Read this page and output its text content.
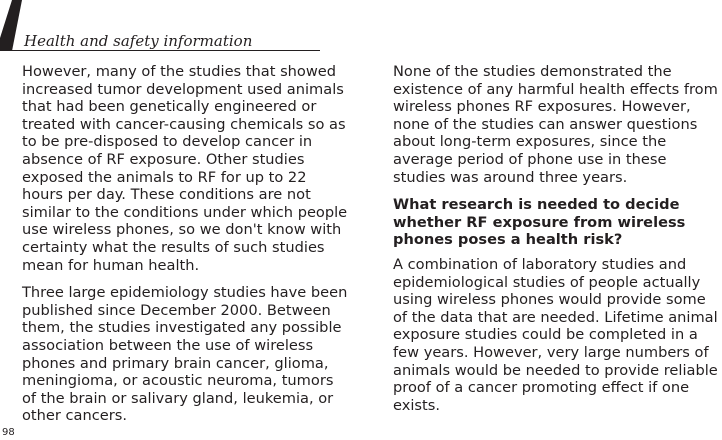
Health and safety information

However, many of the studies that showed increased tumor development used animals that had been genetically engineered or treated with cancer-causing chemicals so as to be pre-disposed to develop cancer in absence of RF exposure. Other studies exposed the animals to RF for up to 22 hours per day. These conditions are not similar to the conditions under which people use wireless phones, so we don't know with certainty what the results of such studies mean for human health.

Three large epidemiology studies have been published since December 2000. Between them, the studies investigated any possible association between the use of wireless phones and primary brain cancer, glioma, meningioma, or acoustic neuroma, tumors of the brain or salivary gland, leukemia, or other cancers.

None of the studies demonstrated the existence of any harmful health effects from wireless phones RF exposures. However, none of the studies can answer questions about long-term exposures, since the average period of phone use in these studies was around three years.

What research is needed to decide whether RF exposure from wireless phones poses a health risk?

A combination of laboratory studies and epidemiological studies of people actually using wireless phones would provide some of the data that are needed. Lifetime animal exposure studies could be completed in a few years. However, very large numbers of animals would be needed to provide reliable proof of a cancer promoting effect if one exists.

98
